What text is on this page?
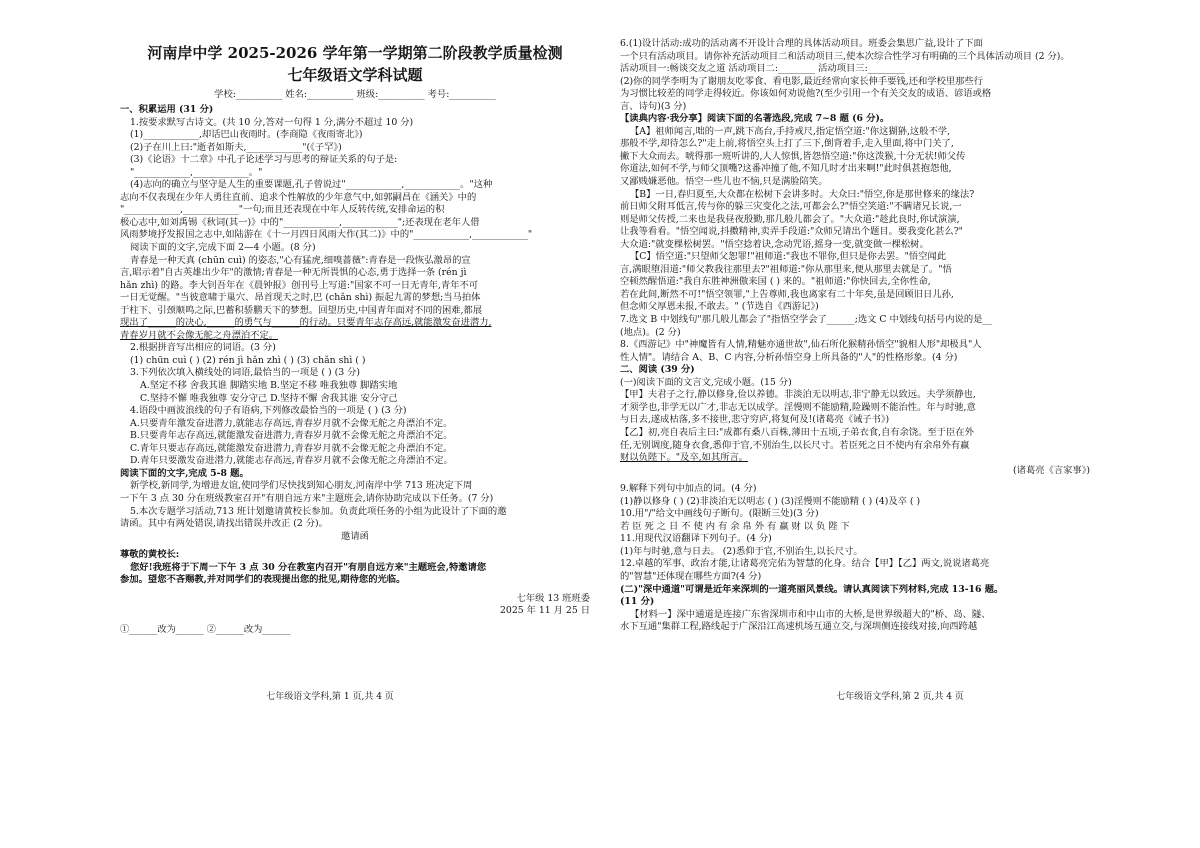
河南岸中学 2025-2026 学年第一学期第二阶段教学质量检测
七年级语文学科试题
学校:__________ 姓名:__________ 班级:__________ 考号:__________
一、积累运用 (31 分)
1.按要求默写古诗文。(共 10 分,答对一句得 1 分,满分不超过 10 分)
(1)____________,却话巴山夜雨时。(李商隐《夜雨寄北》)
(2)子在川上曰:"逝者如斯夫,____________"(《子罕》)
(3)《论语》十二章》中孔子论述学习与思考的辩证关系的句子是:
"____________,____________。"
(4)志向的确立与坚守是人生的重要课题,孔子曾说过"____________,____________。"这种
志向不仅表现在少年人勇往直前、追求个性解放的少年意气中,如郭嗣昌在《涵关》中的
"____________,____________"一句;而且还表现在中年人反转传统,安排命运的积
极心志中,如刘禹锡《秋词(其一)》中的"____________,____________";还表现在老年人借
风雨梦境抒发报国之志中,如陆游在《十一月四日风雨大作(其二)》中的"____________,____________"
阅读下面的文字,完成下面 2—4 小题。(8 分)
青春是一种天真 (chūn cuì) 的姿态,"心有猛虎,细嗅蔷薇":青春是一段恢弘激昂的宣
言,昭示着"自古英雄出少年"的激情;青春是一种无所畏惧的心态,勇于选择一条 (rén jì
hǎn zhì) 的路。李大钊吾年在《晨钟报》创刊号上写道:"国家不可一日无青年,青年不可
一日无觉醒。"当彼意啸于巢穴、昂首现天之时,巴 (chǎn shì) 振起九霄的梦想;当马拍体
于柱下、引颈顺鸣之际,巴蓄积骄鹏天下的梦想。回望历史,中国青年面对不同的困难,都展
现出了______的决心,______的勇气与______的行动。只要青年志存高远,就能激发奋进潜力,
青春岁月就不会像无舵之舟漂泊不定。
2.根据拼音写出相应的词语。(3 分)
(1) chūn cuì ( ) (2) rén jì hǎn zhì ( ) (3) chǎn shì ( )
3.下列依次填入横线处的词语,最恰当的一项是 ( ) (3 分)
A.坚定不移 舍我其谁 脚踏实地 B.坚定不移 唯我独尊 脚踏实地
C.坚持不懈 唯我独尊 安分守己 D.坚持不懈 舍我其谁 安分守己
4.语段中画波浪线的句子有语病,下列修改最恰当的一项是 ( ) (3 分)
A.只要青年激发奋进潜力,就能志存高远,青春岁月就不会像无舵之舟漂泊不定。
B.只要青年志存高远,就能激发奋进潜力,青春岁月就不会像无舵之舟漂泊不定。
C.青年只要志存高远,就能激发奋进潜力,青春岁月就不会像无舵之舟漂泊不定。
D.青年只要激发奋进潜力,就能志存高远,青春岁月就不会像无舵之舟漂泊不定。
阅读下面的文字,完成 5-8 题。
新学校,新同学,为增进友谊,使同学们尽快找到知心朋友,河南岸中学 713 班决定下周
一下午 3 点 30 分在班级教室召开"有朋自远方来"主题班会,请你协助完成以下任务。(7 分)
5.本次专题学习活动,713 班计划邀请黄校长参加。负责此项任务的小组为此设计了下面的邀
请函。其中有两处错误,请找出错误并改正 (2 分)。
邀请函
尊敬的黄校长:
您好!我班将于下周一下午 3 点 30 分在教室内召开"有朋自远方来"主题班会,特邀请您
参加。望您不吝赐教,并对同学们的表现提出您的批见,期待您的光临。
七年级 13 班班委
2025 年 11 月 25 日
①______改为______ ②______改为______
七年级语文学科,第 1 页,共 4 页
6.(1)设计活动:成功的活动离不开设计合理的具体活动项目。班委会集思广益,设计了下面
一个只有活动项目。请你补充活动项目二和活动项目三,使本次综合性学习有明确的三个具体活动项目 (2 分)。
活动项目一:畅谈交友之道 活动项目二:________ 活动项目三:________
(2)你的同学李明为了谢朋友吃零食、看电影,最近经常向家长伸手要钱,还和学校里那些行
为习惯比较差的同学走得较近。你该如何劝说他?(至少引用一个有关交友的成语、谚语或格
言、诗句)(3 分)
【读典内容·我分享】阅读下面的名著选段,完成 7~8 题 (6 分)。
【A】祖师闻言,咄的一声,跳下高台,手持戒尺,指定悟空道:"你这猢狲,这般不学,
那般不学,却待怎么?"走上前,将悟空头上打了三下,倒背着手,走入里面,将中门关了,
撇下大众而去。唬得那一班听讲的,人人惊惧,皆怨悟空道:"你这泼猴,十分无状!师父传
你道法,如何不学,与师父顶嘴?这番冲撞了他,不知几时才出来啊!"此时俱甚抱怨他,
又鄙贱嫌恶他。悟空一些儿也不恼,只是满脸陪笑。
【B】一日,春归夏至,大众都在松树下会讲多时。大众曰:"悟空,你是那世修来的缘法?
前日师父附耳低言,传与你的躲三灾变化之法,可都会么?"悟空笑道:"不瞒诸兄长说,一
则是师父传授,二来也是我昼夜殷勤,那几般儿都会了。"大众道:"趁此良时,你试演演,
让我等看看。"悟空闻说,抖擞精神,卖弄手段道:"众师兄请出个题目。要我变化甚么?"
大众道:"就变棵松树罢。"悟空捻着诀,念动咒语,摇身一变,就变做一棵松树。
【C】悟空道:"只望师父恕罪!"祖师道:"我也不罪你,但只是你去罢。"悟空闻此
言,满眼堕泪道:"师父教我往那里去?"祖师道:"你从那里来,便从那里去就是了。"悟
空顿然醒悟道:"我自东胜神洲傲来国 ( ) 来的。"祖师道:"你快回去,全你性命,
若在此间,断然不可!"悟空领罪,"上告尊师,我也离家有二十年矣,虽是回顾旧日儿孙,
但念师父厚恩未报,不敢去。" (节选自《西游记》)
7.选文 B 中划线句"那几般儿都会了"指悟空学会了______;选文 C 中划线句括号内说的是__
(地点)。(2 分)
8.《西游记》中"神魔皆有人情,精魅亦通世故",仙石所化猴精孙悟空"貌相人形"却极具"人
性人情"。请结合 A、B、C 内容,分析孙悟空身上所具备的"人"的性格形象。(4 分)
二、阅读 (39 分)
(一)阅读下面的文言文,完成小题。(15 分)
【甲】夫君子之行,静以修身,俭以养德。非淡泊无以明志,非宁静无以致远。夫学须静也,
才须学也,非学无以广才,非志无以成学。淫慢则不能励精,险躁则不能治性。年与时驰,意
与日去,遂成枯落,多不接世,悲守穷庐,将复何及!(诸葛亮《诫子书》)
【乙】初,亮自表后主曰:"成都有桑八百株,薄田十五顷,子弟衣食,自有余饶。至于臣在外
任,无别调度,随身衣食,悉仰于官,不别治生,以长尺寸。若臣死之日不使内有余帛外有赢
财以负陛下。"及卒,如其所言。
(诸葛亮《言家事》)
9.解释下列句中加点的词。(4 分)
(1)静以修身 ( ) (2)非淡泊无以明志 ( ) (3)淫慢则不能励精 ( ) (4)及卒 ( )
10.用"/"给文中画线句子断句。(限断三处)(3 分)
若 臣 死 之 日 不 使 内 有 余 帛 外 有 赢 财 以 负 陛 下
11.用现代汉语翻译下列句子。(4 分)
(1)年与时驰,意与日去。 (2)悉仰于官,不别治生,以长尺寸。
12.卓越的军事、政治才能,让诸葛亮完佑为智慧的化身。结合【甲】【乙】两文,说说诸葛亮
的"智慧"还体现在哪些方面?(4 分)
(二)"深中通道"可谓是近年来深圳的一道亮丽风景线。请认真阅读下列材料,完成 13-16 题。
(11 分)
【材料一】深中通道是连接广东省深圳市和中山市的大桥,是世界级超大的"桥、岛、隧、
水下互通"集群工程,路线起于广深沿江高速机场互通立交,与深圳侧连接线对接,向西跨越
七年级语文学科,第 2 页,共 4 页
